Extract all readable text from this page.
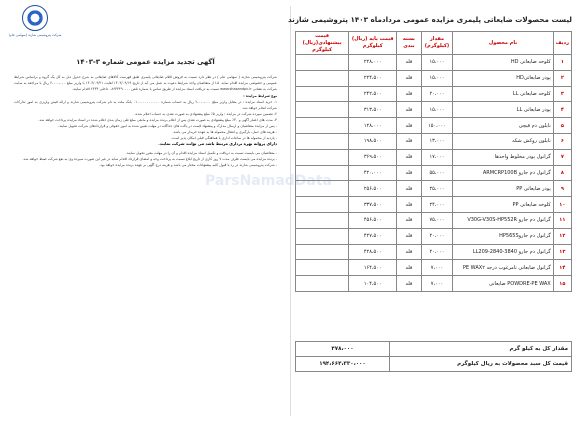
شرکت پتروشیمی شازند (سهامی عام)
آگهی تجدید مزایده عمومی شماره ۳-۱۴۰۳

شرکت پتروشیمی شازند ( سهامی عام ) در نظر دارد نسبت به فروش اقلام ضایعاتی پلیمری طبق فهرست کالاهای ضایعاتی به شرح جدول ذیل به کل یک گروه و براساس شرایط عمومی و خصوصی مزایده اقدام نماید. لذا از متقاضیان واجد شرایط دعوت به عمل می آید از تاریخ ۱۴۰۳/۰۹/۱۹ لغایت ۱۴۰۳/۰۹/۲۱ با واریز مبلغ ۲،۰۰۰،۰۰۰ ریال با مراجعه به سایت شرکت به نشانی www.shazandpc.ir نسبت به دریافت اسناد مزایده از طریق تماس با شماره تلفن ۰۸۶۳۳۴۹۰۰۰۰ داخلی ۲۴۳۴ اقدام نمایند.

نوع شرایط مزایده :

۱- خرید اسناد مزایده : در مقابل واریز مبلغ ۲،۰۰۰،۰۰۰ ریال به حساب شماره ۰۱۰۰۰۰۰۰۰۰۰۰۰۰ بانک ملت به نام شرکت پتروشیمی شازند و ارائه فیش واریزی به امور تدارکات شرکت انجام خواهد شد.

۲- تضمین سپرده شرکت در مزایده : واریز ۵٪ مبلغ پیشنهادی به صورت نقدی به حساب اعلام شده.

۳- مدت های اعتبار آگهی و ۳۰٪ مبلغ پیشنهادی به صورت نقدی پس از اعلام برنده مزایده و مابقی مبلغ طی زمان بندی اعلام شده در اسناد مزایده پرداخت خواهد شد.

- پس از مزایده متقاضیان و ارسال مدارک و پیشنهاد قیمت در پاکت های جداگانه در مهلت تعیین شده به امور حقوقی و قراردادهای شرکت تحویل نمایند.

- هزینه های حمل، بارگیری و انتقال محموله ها به عهده خریدار می باشد.

- بازدید از محموله ها در ساعات اداری با هماهنگی قبلی امکان پذیر است.

دارای پروانه بهره برداری مرتبط باشد می توانند شرکت نمایند.

- متقاضیان می بایست نسبت به دریافت و تکمیل اسناد مزایده اقدام و آن را در مهلت مقرر تحویل نمایند.

- برنده مزایده می بایست ظرف مدت ۷ روز کاری از تاریخ ابلاغ نسبت به پرداخت وجه و امضای قرارداد اقدام نماید در غیر این صورت سپرده وی به نفع شرکت ضبط خواهد شد.

- شرکت پتروشیمی شازند در رد یا قبول کلیه پیشنهادات مختار می باشد و هزینه درج آگهی بر عهده برنده مزایده خواهد بود.

ParsNamadData
لیست محصولات ضایعاتی پلیمری مزایده عمومی مردادماه ۱۴۰۳ پتروشیمی شازند
ردیف	نام محصول	مقدار (کیلوگرم)	بسته بندی	قیمت پایه (ریال) کیلوگرم	قیمت پیشنهادی(ریال) کیلوگرم
۱	کلوخه ضایعاتی HD	۱۵،۰۰۰	فله	۲۲۸،۰۰۰	
۲	پودر ضایعاتیHD	۱۵،۰۰۰	فله	۲۲۴،۵۰۰	
۳	کلوخه ضایعاتی LL	۲۰،۰۰۰	فله	۲۴۲،۵۰۰	
۴	پودر ضایعاتی LL	۱۵،۰۰۰	فله	۳۱۳،۵۰۰	
۵	نایلون دم قیچی	۱۵۰،۰۰۰	فله	۱۲۸،۰۰۰	
۶	نایلون روکش شکه	۱۳،۰۰۰	فله	۱۹۸،۵۰۰	
۷	گرانول پودر مخلوط واحدها	۱۷،۰۰۰	فله	۳۶۹،۵۰۰	
۸	گرانول دم جارو ARMCRP100B	۵۵،۰۰۰	فله	۴۲۰،۰۰۰	
۹	پودر ضایعاتی PP	۲۵،۰۰۰	فله	۲۵۶،۵۰۰	
۱۰	کلوخه ضایعاتی PP	۲۴،۰۰۰	فله	۳۳۷،۵۰۰	
۱۱	گرانول دم جارو V30G-V30S-HP552R	۷۵،۰۰۰	فله	۴۵۶،۵۰۰	
۱۲	گرانول دم جاروHP565S	۲۰،۰۰۰	فله	۴۲۷،۵۰۰	
۱۳	گرانول دم جارو LL209-2840-3840	۲۰،۰۰۰	فله	۴۲۸،۵۰۰	
۱۴	گرانول ضایعاتی تامرغوب درجه PE WAX۲	۷،۰۰۰	فله	۱۶۴،۵۰۰	
۱۵	POWDRE-PE WAX ضایعاتی	۷،۰۰۰	فله	۱۰۴،۵۰۰	
مقدار کل به کیلو گرم	۴۷۸،۰۰۰
قیمت کل سبد محصولات به ریال کیلوگرم	۱۹۴،۶۶۴،۳۳۰،۰۰۰
